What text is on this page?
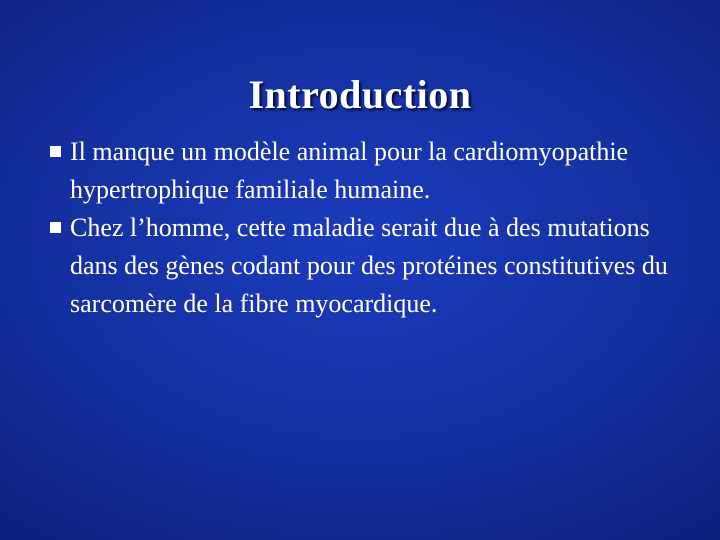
Introduction
Il manque un modèle animal pour la cardiomyopathie hypertrophique familiale humaine.
Chez l’homme, cette maladie serait due à des mutations dans des gènes codant pour des protéines constitutives du sarcomère de la fibre myocardique.
